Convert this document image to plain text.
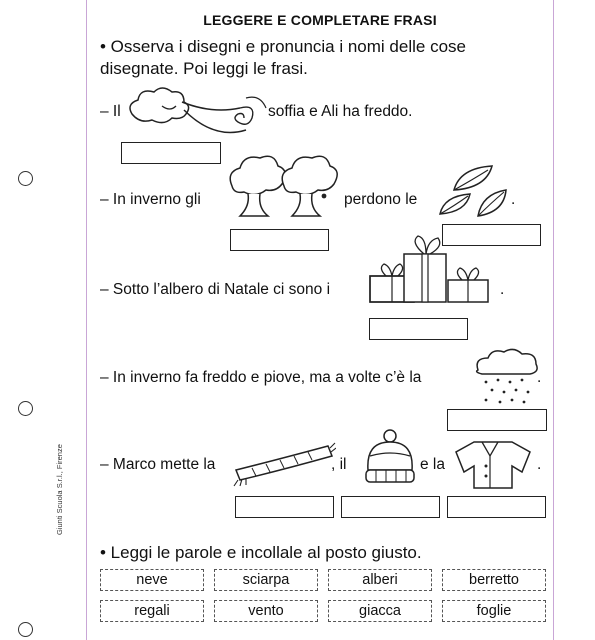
LEGGERE E COMPLETARE FRASI
• Osserva i disegni e pronuncia i nomi delle cose disegnate. Poi leggi le frasi.
– Il	soffia e Ali ha freddo.
– In inverno gli	perdono le	.
– Sotto l’albero di Natale ci sono i	.
– In inverno fa freddo e piove, ma a volte c’è la	.
– Marco mette la	, il	e la	.
• Leggi le parole e incollale al posto giusto.
neve	sciarpa	alberi	berretto
regali	vento	giacca	foglie
Giunti Scuola S.r.l., Firenze
